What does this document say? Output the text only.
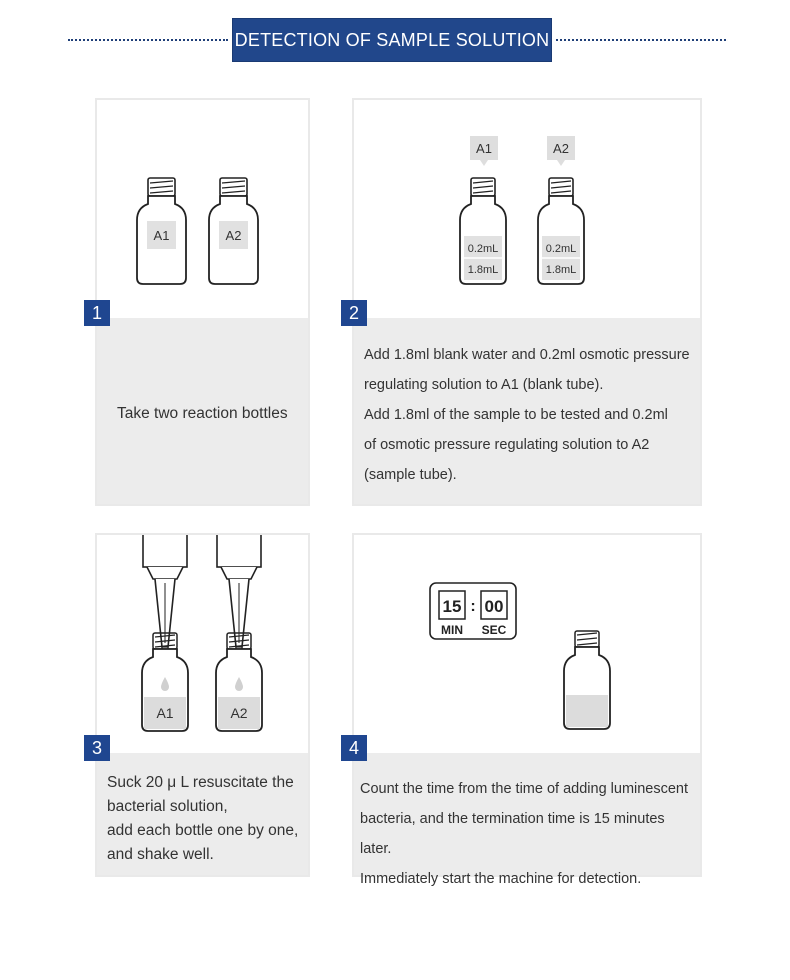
DETECTION OF SAMPLE SOLUTION
A1	A2
Take two reaction bottles
1
A1	A2
0.2mL
1.8mL
0.2mL
1.8mL
Add 1.8ml blank water and 0.2ml osmotic pressure
regulating solution to A1 (blank tube).
Add 1.8ml of the sample to be tested and 0.2ml
of osmotic pressure regulating solution to A2
(sample tube).
2
A1	A2
Suck 20 μ L resuscitate the
bacterial solution,
add each bottle one by one,
and shake well.
3
15 : 00
MIN SEC
Count the time from the time of adding luminescent
bacteria, and the termination time is 15 minutes later.
Immediately start the machine for detection.
4
